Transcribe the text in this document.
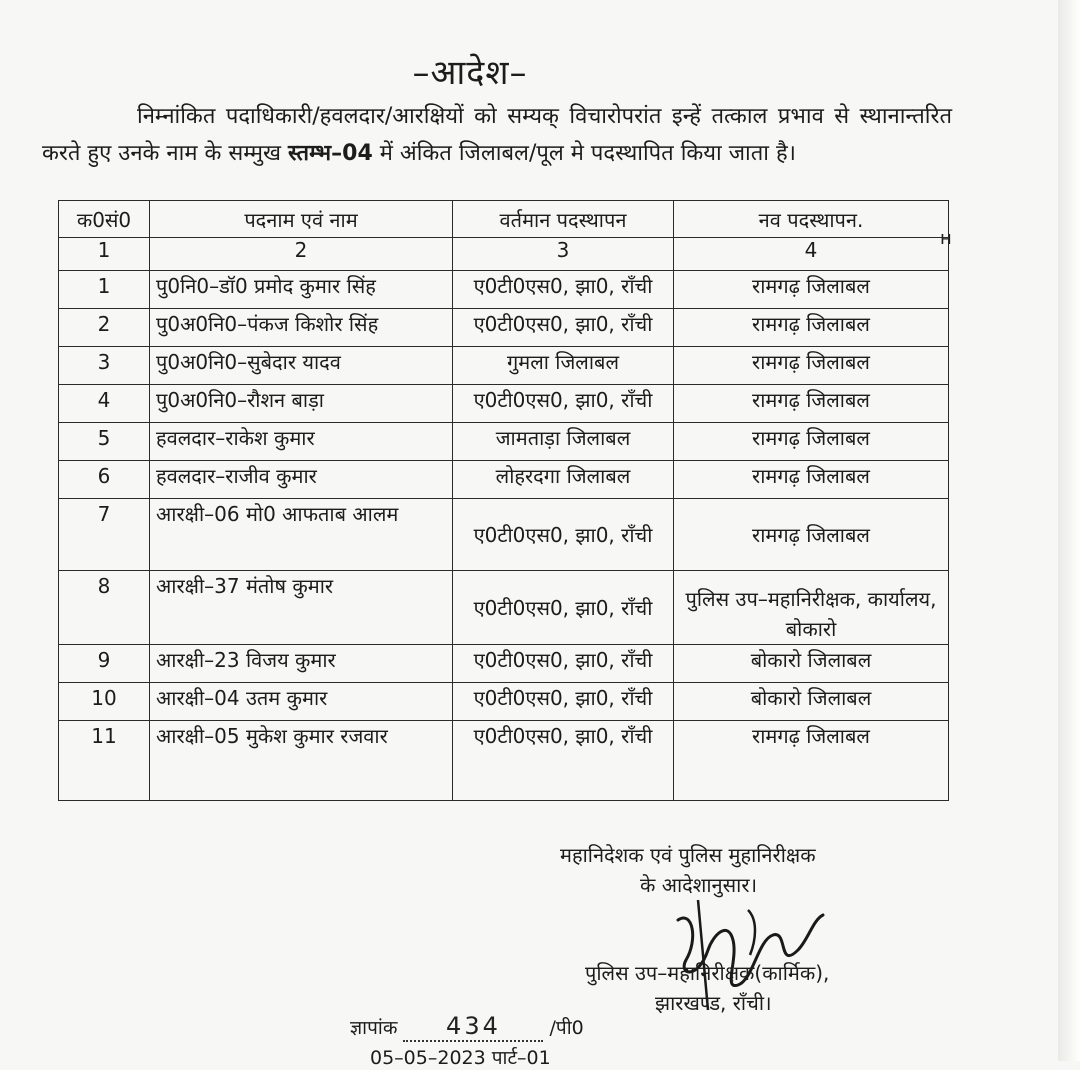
–आदेश–
निम्नांकित पदाधिकारी/हवलदार/आरक्षियों को सम्यक् विचारोपरांत इन्हें तत्काल प्रभाव से स्थानान्तरित करते हुए उनके नाम के सम्मुख स्तम्भ–04 में अंकित जिलाबल/पूल मे पदस्थापित किया जाता है।
ʜ
क0सं0	पदनाम एवं नाम	वर्तमान पदस्थापन	नव पदस्थापन.
1	2	3	4
1	पु0नि0–डॉ0 प्रमोद कुमार सिंह	ए0टी0एस0, झा0, राँची	रामगढ़ जिलाबल
2	पु0अ0नि0–पंकज किशोर सिंह	ए0टी0एस0, झा0, राँची	रामगढ़ जिलाबल
3	पु0अ0नि0–सुबेदार यादव	गुमला जिलाबल	रामगढ़ जिलाबल
4	पु0अ0नि0–रौशन बाड़ा	ए0टी0एस0, झा0, राँची	रामगढ़ जिलाबल
5	हवलदार–राकेश कुमार	जामताड़ा जिलाबल	रामगढ़ जिलाबल
6	हवलदार–राजीव कुमार	लोहरदगा जिलाबल	रामगढ़ जिलाबल
7	आरक्षी–06 मो0 आफताब आलम	ए0टी0एस0, झा0, राँची	रामगढ़ जिलाबल
8	आरक्षी–37 मंतोष कुमार	ए0टी0एस0, झा0, राँची	पुलिस उप–महानिरीक्षक, कार्यालय, बोकारो
9	आरक्षी–23 विजय कुमार	ए0टी0एस0, झा0, राँची	बोकारो जिलाबल
10	आरक्षी–04 उतम कुमार	ए0टी0एस0, झा0, राँची	बोकारो जिलाबल
11	आरक्षी–05 मुकेश कुमार रजवार	ए0टी0एस0, झा0, राँची	रामगढ़ जिलाबल
महानिदेशक एवं पुलिस मुहानिरीक्षक
के आदेशानुसार।
पुलिस उप–महानिरीक्षक(कार्मिक),
झारखण्ड, राँची।
ज्ञापांक 434	/पी0
05–05–2023 पार्ट–01
